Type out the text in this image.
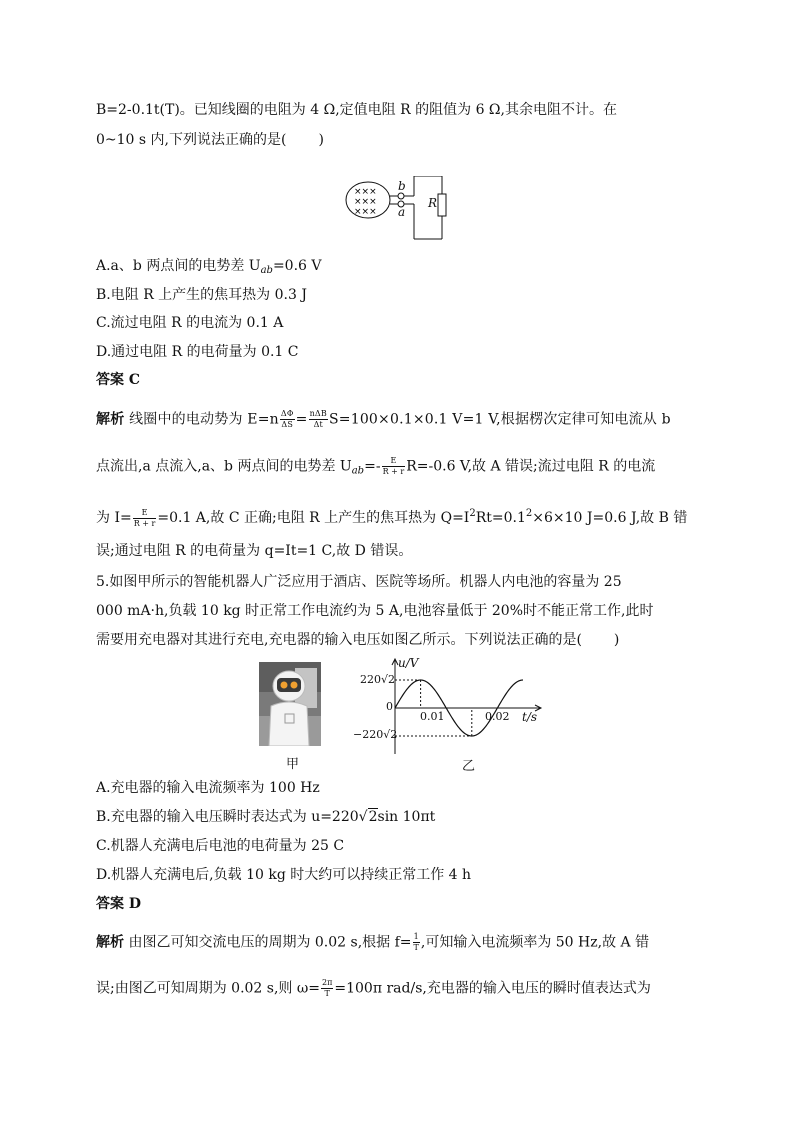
B=2-0.1t(T)。已知线圈的电阻为 4 Ω,定值电阻 R 的阻值为 6 Ω,其余电阻不计。在
0~10 s 内,下列说法正确的是( )
×××
×××
×××
b
a
R
A.a、b 两点间的电势差 $U_{ab}=0.6$ V
B.电阻 R 上产生的焦耳热为 0.3 J
C.流过电阻 R 的电流为 0.1 A
D.通过电阻 R 的电荷量为 0.1 C
答案 C
解析 线圈中的电动势为 $E=n \frac{\Delta\Phi}{\Delta S} = \frac{\text{nΔB}}{\Delta t} S=100\times 0.1\times 0.1$ V=1 V,根据楞次定律可知电流从 b
点流出,a 点流入,a、b 两点间的电势差 $U_{ab}=- \frac{E}{R + r} R=-0.6$ V,故 A 错误;流过电阻 R 的电流
为 $I= \frac{E}{R + r} =0.1$ A,故 C 正确;电阻 R 上产生的焦耳热为 $Q=I^2Rt=0.1^2\times 6\times 10$ J=0.6 J,故 B 错
误;通过电阻 R 的电荷量为 q=It=1 C,故 D 错误。
5.如图甲所示的智能机器人广泛应用于酒店、医院等场所。机器人内电池的容量为 25
000 mA·h,负载 10 kg 时正常工作电流约为 5 A,电池容量低于 20%时不能正常工作,此时
需要用充电器对其进行充电,充电器的输入电压如图乙所示。下列说法正确的是( )
甲
u/V
220√2
0
−220√2
0.01	0.02 t/s
乙
A.充电器的输入电流频率为 100 Hz
B.充电器的输入电压瞬时表达式为 u=220√2sin 10πt
C.机器人充满电后电池的电荷量为 25 C
D.机器人充满电后,负载 10 kg 时大约可以持续正常工作 4 h
答案 D
解析 由图乙可知交流电压的周期为 0.02 s,根据 $f= \frac{1}{T}$ ,可知输入电流频率为 50 Hz,故 A 错
误;由图乙可知周期为 0.02 s,则 $\omega= \frac{2\pi}{T} =100\pi$ rad/s,充电器的输入电压的瞬时值表达式为
